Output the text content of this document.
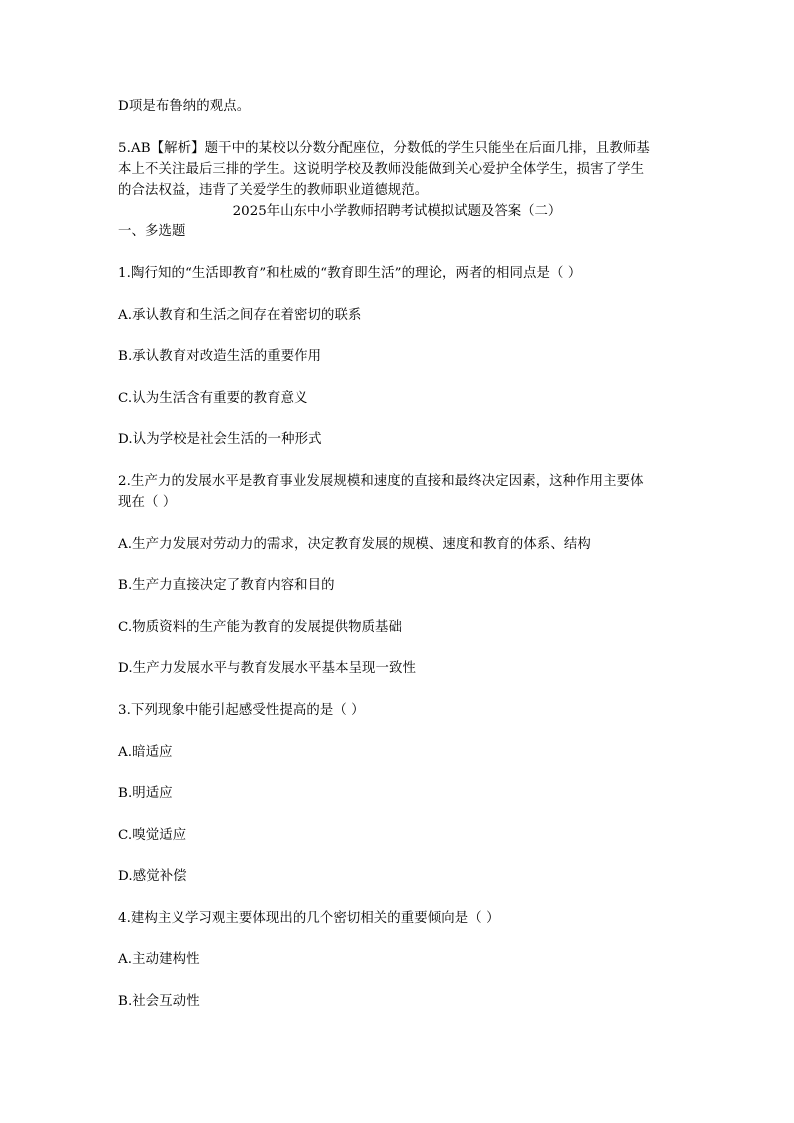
D项是布鲁纳的观点。
5.AB【解析】题干中的某校以分数分配座位，分数低的学生只能坐在后面几排，且教师基
本上不关注最后三排的学生。这说明学校及教师没能做到关心爱护全体学生，损害了学生
的合法权益，违背了关爱学生的教师职业道德规范。
2025年山东中小学教师招聘考试模拟试题及答案（二）
一、多选题
1.陶行知的“生活即教育”和杜威的“教育即生活”的理论，两者的相同点是（ ）
A.承认教育和生活之间存在着密切的联系
B.承认教育对改造生活的重要作用
C.认为生活含有重要的教育意义
D.认为学校是社会生活的一种形式
2.生产力的发展水平是教育事业发展规模和速度的直接和最终决定因素，这种作用主要体
现在（ ）
A.生产力发展对劳动力的需求，决定教育发展的规模、速度和教育的体系、结构
B.生产力直接决定了教育内容和目的
C.物质资料的生产能为教育的发展提供物质基础
D.生产力发展水平与教育发展水平基本呈现一致性
3.下列现象中能引起感受性提高的是（ ）
A.暗适应
B.明适应
C.嗅觉适应
D.感觉补偿
4.建构主义学习观主要体现出的几个密切相关的重要倾向是（ ）
A.主动建构性
B.社会互动性
